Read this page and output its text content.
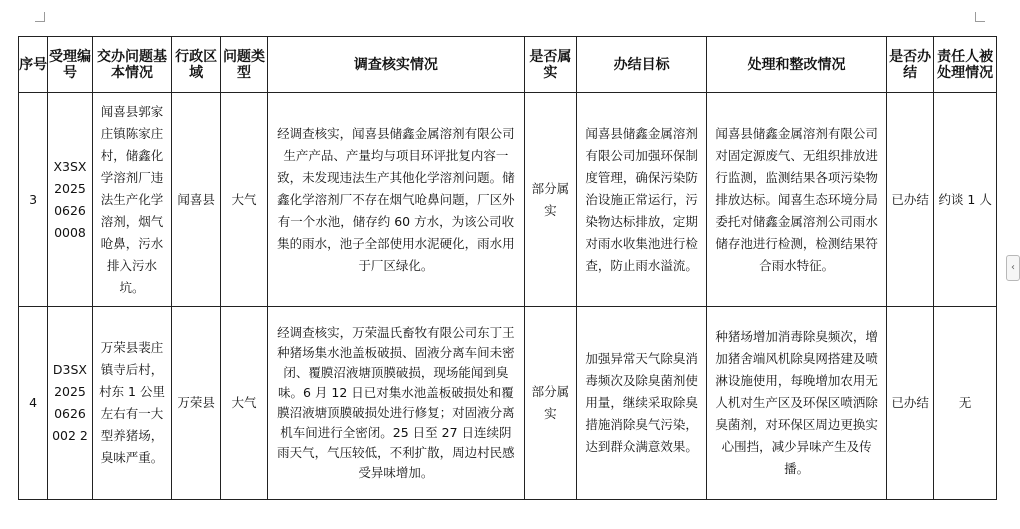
‹
序号	受理编号	交办问题基本情况	行政区域	问题类型	调查核实情况	是否属实	办结目标	处理和整改情况	是否办结	责任人被处理情况

3	X3SX20250626 0008	闻喜县郭家庄镇陈家庄村，储鑫化学溶剂厂违法生产化学溶剂，烟气呛鼻，污水排入污水坑。	闻喜县	大气	经调查核实，闻喜县储鑫金属溶剂有限公司生产产品、产量均与项目环评批复内容一致，未发现违法生产其他化学溶剂问题。储鑫化学溶剂厂不存在烟气呛鼻问题，厂区外有一个水池，储存约 60 方水，为该公司收集的雨水，池子全部使用水泥硬化，雨水用于厂区绿化。	部分属实	闻喜县储鑫金属溶剂有限公司加强环保制度管理，确保污染防治设施正常运行，污染物达标排放，定期对雨水收集池进行检查，防止雨水溢流。	闻喜县储鑫金属溶剂有限公司对固定源废气、无组织排放进行监测，监测结果各项污染物排放达标。闻喜生态环境分局委托对储鑫金属溶剂公司雨水储存池进行检测，检测结果符合雨水特征。	已办结	约谈 1 人

4	D3SX20250626002 2	万荣县裴庄镇寺后村，村东 1 公里左右有一大型养猪场，臭味严重。	万荣县	大气	经调查核实，万荣温氏畜牧有限公司东丁王种猪场集水池盖板破损、固液分离车间未密闭、覆膜沼液塘顶膜破损，现场能闻到臭味。6 月 12 日已对集水池盖板破损处和覆膜沼液塘顶膜破损处进行修复；对固液分离机车间进行全密闭。25 日至 27 日连续阴雨天气，气压较低，不利扩散，周边村民感受异味增加。	部分属实	加强异常天气除臭消毒频次及除臭菌剂使用量，继续采取除臭措施消除臭气污染，达到群众满意效果。	种猪场增加消毒除臭频次，增加猪舍端风机除臭网搭建及喷淋设施使用，每晚增加农用无人机对生产区及环保区喷洒除臭菌剂，对环保区周边更换实心围挡，减少异味产生及传播。	已办结	无
